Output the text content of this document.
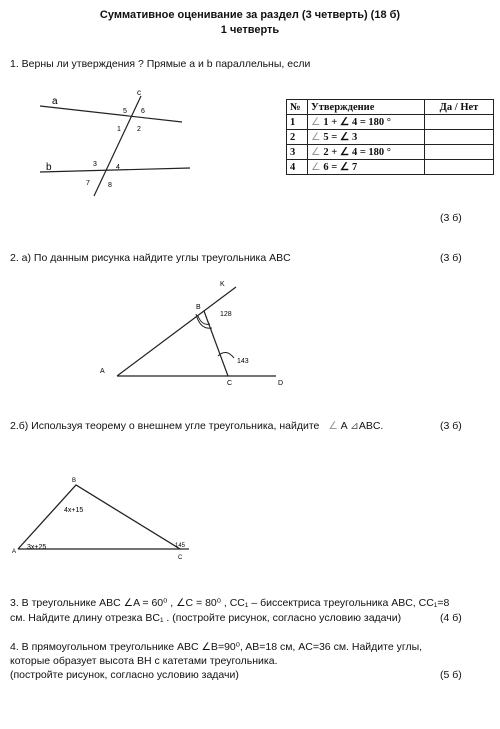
Суммативное оценивание за раздел (3 четверть) (18 б)
1 четверть
1. Верны ли утверждения ? Прямые a и b параллельны, если
a
b
c
5 6
1 2
3	4
7	8
№	Утверждение	Да / Нет
1	∠ 1 + ∠ 4 = 180 °	
2	∠ 5 = ∠ 3	
3	∠ 2 + ∠ 4 = 180 °	
4	∠ 6 = ∠ 7	
(3 б)
2. а) По данным рисунка найдите углы треугольника ABC	(3 б)
K
B
A
C	D
128
143
2.б) Используя теорему о внешнем угле треугольника, найдите ∠ A ⊿ABC.	(3 б)
B
A
C
4x+15
3x+25	145
3. В треугольнике ABC ∠A = 60⁰ , ∠C = 80⁰ , CC₁ – биссектриса треугольника ABC, CC₁=8
см. Найдите длину отрезка BC₁ . (постройте рисунок, согласно условию задачи)	(4 б)
4. В прямоугольном треугольнике ABC ∠B=90⁰, AB=18 см, AC=36 см. Найдите углы,
которые образует высота BH с катетами треугольника.
(постройте рисунок, согласно условию задачи)	(5 б)
